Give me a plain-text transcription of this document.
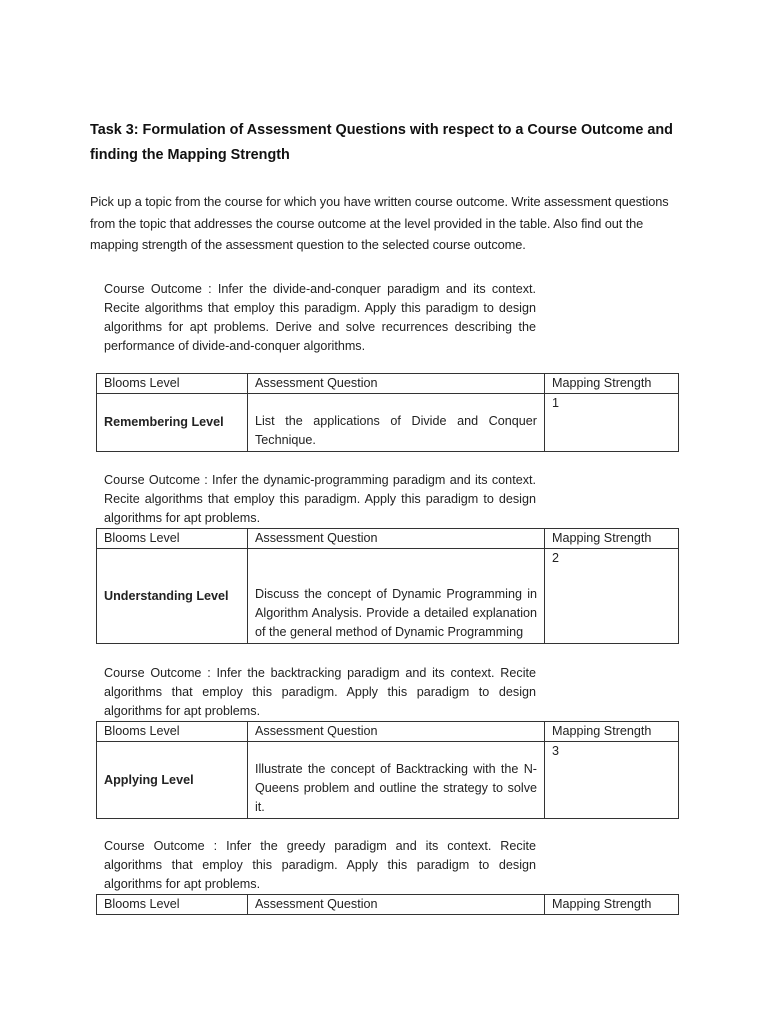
Task 3: Formulation of Assessment Questions with respect to a Course Outcome and finding the Mapping Strength
Pick up a topic from the course for which you have written course outcome. Write assessment questions from the topic that addresses the course outcome at the level provided in the table. Also find out the mapping strength of the assessment question to the selected course outcome.
Course Outcome : Infer the divide-and-conquer paradigm and its context. Recite algorithms that employ this paradigm. Apply this paradigm to design algorithms for apt problems. Derive and solve recurrences describing the performance of divide-and-conquer algorithms.
Blooms Level	Assessment Question	Mapping Strength
Remembering Level	List the applications of Divide and Conquer Technique.	1
Course Outcome : Infer the dynamic-programming paradigm and its context. Recite algorithms that employ this paradigm. Apply this paradigm to design algorithms for apt problems.
Blooms Level	Assessment Question	Mapping Strength
Understanding Level	Discuss the concept of Dynamic Programming in Algorithm Analysis. Provide a detailed explanation of the general method of Dynamic Programming	2
Course Outcome : Infer the backtracking paradigm and its context. Recite algorithms that employ this paradigm. Apply this paradigm to design algorithms for apt problems.
Blooms Level	Assessment Question	Mapping Strength
Applying Level	Illustrate the concept of Backtracking with the N-Queens problem and outline the strategy to solve it.	3
Course Outcome : Infer the greedy paradigm and its context. Recite algorithms that employ this paradigm. Apply this paradigm to design algorithms for apt problems.
Blooms Level	Assessment Question	Mapping Strength
